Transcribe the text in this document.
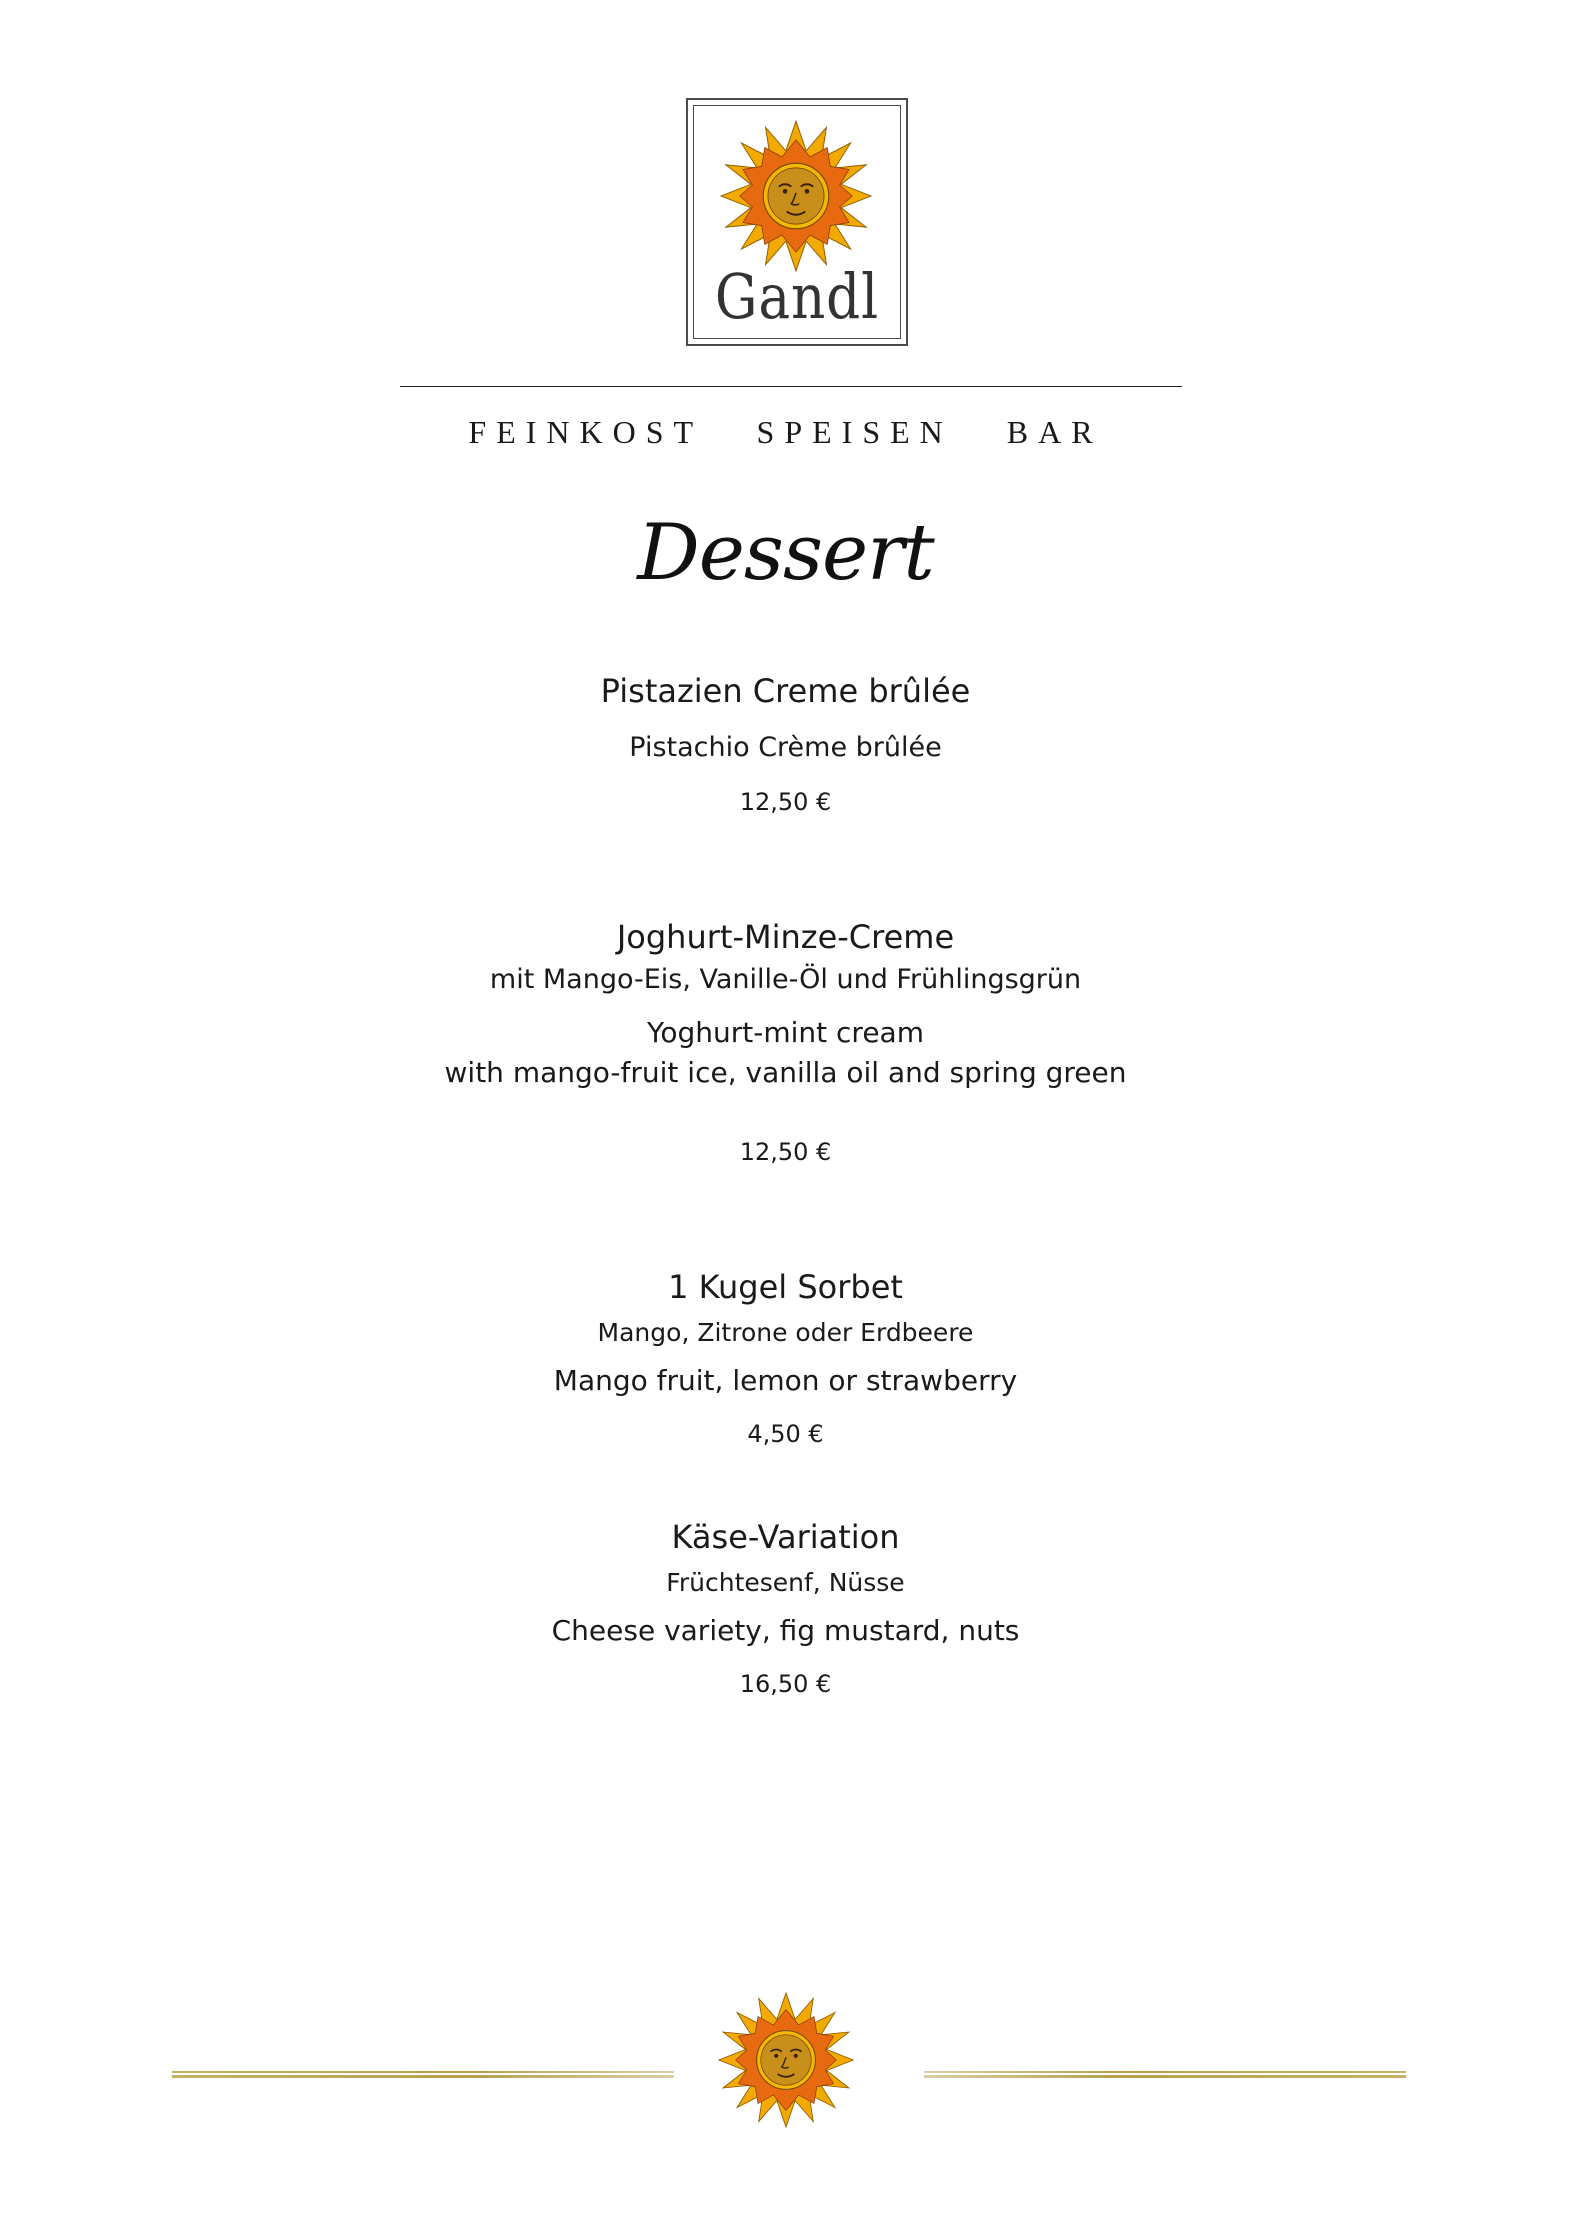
Gandl
FEINKOST   SPEISEN   BAR
Dessert
Pistazien Creme brûlée
Pistachio Crème brûlée
12,50 €
Joghurt-Minze-Creme
mit Mango-Eis, Vanille-Öl und Frühlingsgrün
Yoghurt-mint cream
with mango-fruit ice, vanilla oil and spring green
12,50 €
1 Kugel Sorbet
Mango, Zitrone oder Erdbeere
Mango fruit, lemon or strawberry
4,50 €
Käse-Variation
Früchtesenf, Nüsse
Cheese variety, fig mustard, nuts
16,50 €
